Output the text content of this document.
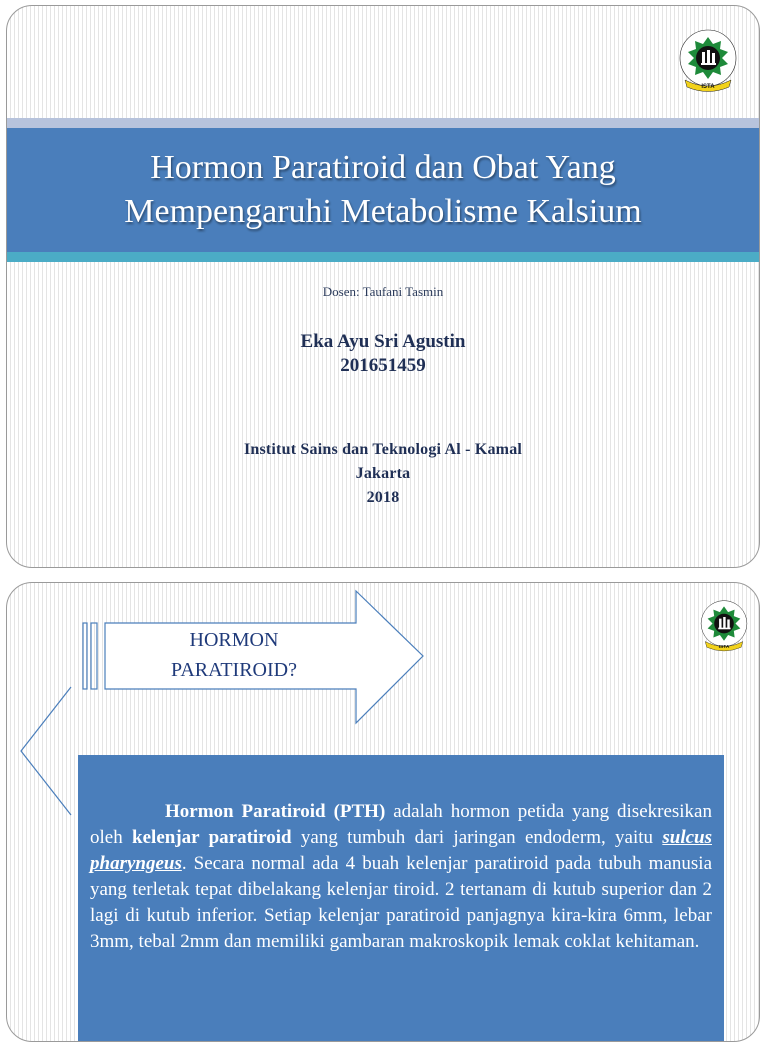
ISTA
Hormon Paratiroid dan Obat Yang
Mempengaruhi Metabolisme Kalsium
Dosen: Taufani Tasmin
Eka Ayu Sri Agustin
201651459
Institut Sains dan Teknologi Al - Kamal
Jakarta
2018
HORMON
PARATIROID?
ISTA

Hormon Paratiroid (PTH) adalah hormon petida yang disekresikan oleh kelenjar paratiroid yang tumbuh dari jaringan endoderm, yaitu sulcus pharyngeus. Secara normal ada 4 buah kelenjar paratiroid pada tubuh manusia yang terletak tepat dibelakang kelenjar tiroid. 2 tertanam di kutub superior dan 2 lagi di kutub inferior. Setiap kelenjar paratiroid panjagnya kira-kira 6mm, lebar 3mm, tebal 2mm dan memiliki gambaran makroskopik lemak coklat kehitaman.
